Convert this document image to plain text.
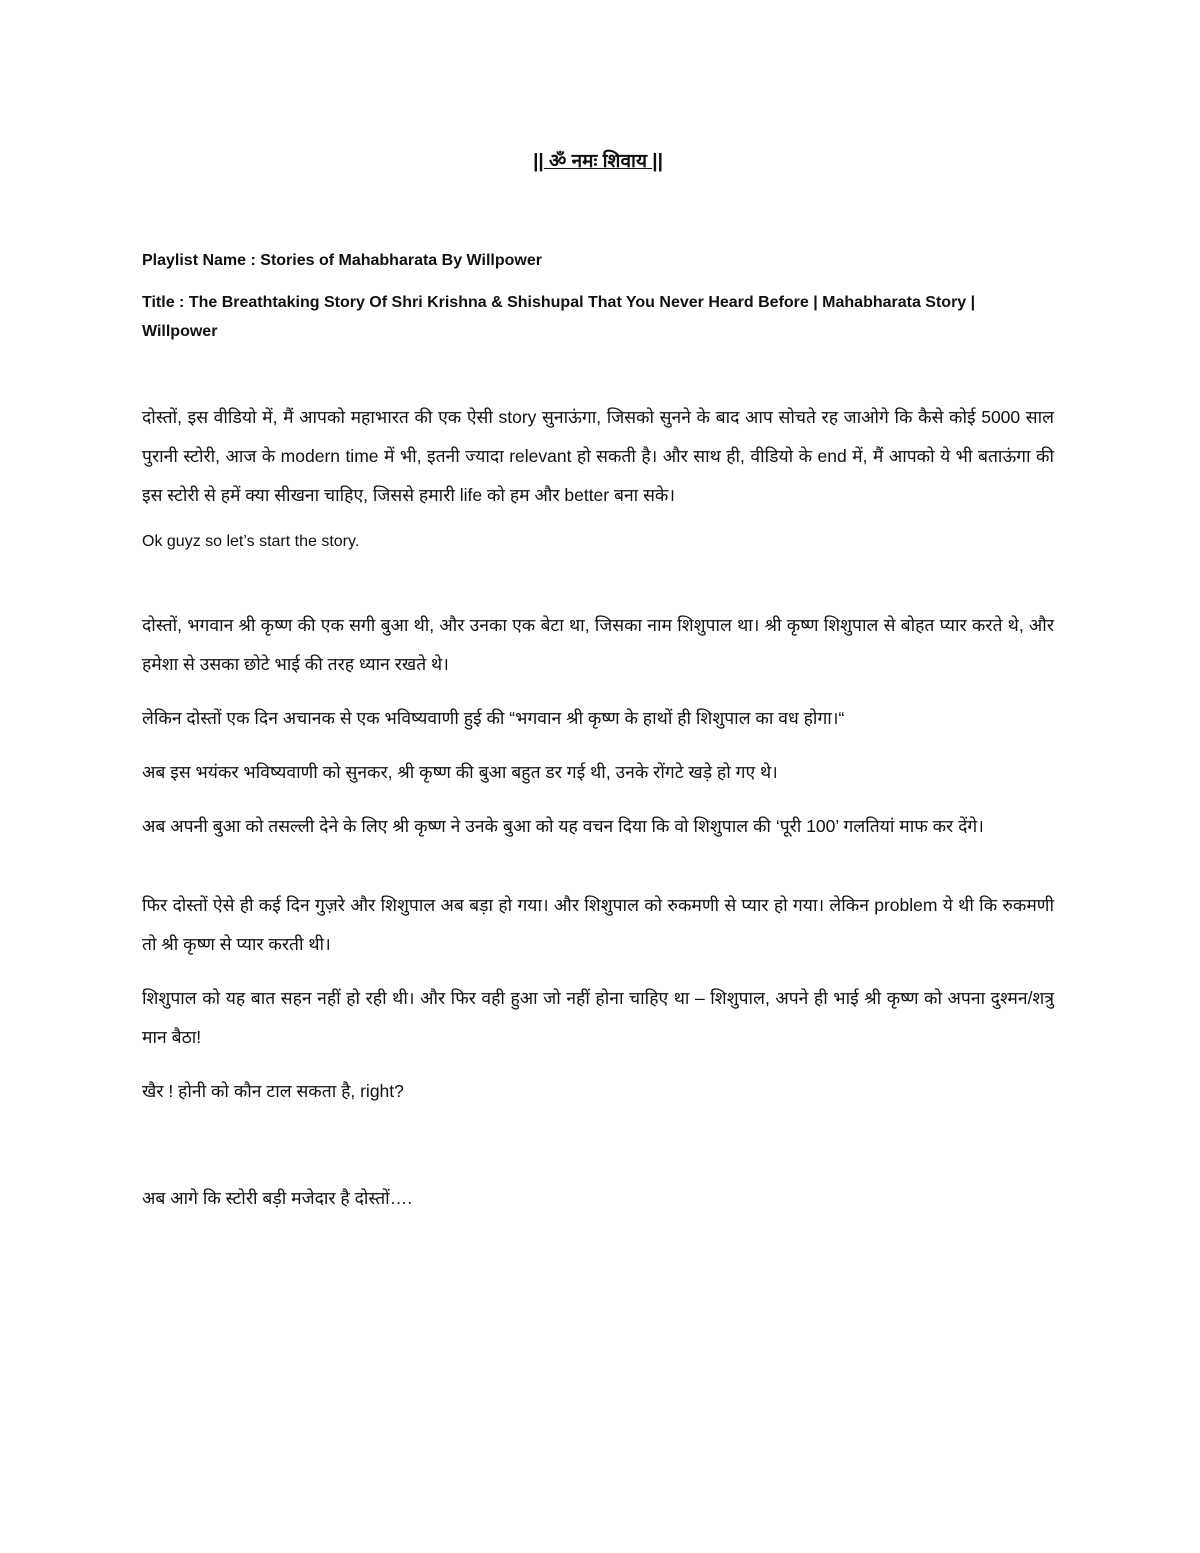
|| ॐ नमः शिवाय ||

Playlist Name : Stories of Mahabharata By Willpower

Title : The Breathtaking Story Of Shri Krishna & Shishupal That You Never Heard Before | Mahabharata Story | Willpower

दोस्तों, इस वीडियो में, मैं आपको महाभारत की एक ऐसी story सुनाऊंगा, जिसको सुनने के बाद आप सोचते रह जाओगे कि कैसे कोई 5000 साल पुरानी स्टोरी, आज के modern time में भी, इतनी ज्यादा relevant हो सकती है। और साथ ही, वीडियो के end में, मैं आपको ये भी बताऊंगा की इस स्टोरी से हमें क्या सीखना चाहिए, जिससे हमारी life को हम और better बना सके।

Ok guyz so let’s start the story.

दोस्तों, भगवान श्री कृष्ण की एक सगी बुआ थी, और उनका एक बेटा था, जिसका नाम शिशुपाल था। श्री कृष्ण शिशुपाल से बोहत प्यार करते थे, और हमेशा से उसका छोटे भाई की तरह ध्यान रखते थे।

लेकिन दोस्तों एक दिन अचानक से एक भविष्यवाणी हुई की “भगवान श्री कृष्ण के हाथों ही शिशुपाल का वध होगा।“

अब इस भयंकर भविष्यवाणी को सुनकर, श्री कृष्ण की बुआ बहुत डर गई थी, उनके रोंगटे खड़े हो गए थे।

अब अपनी बुआ को तसल्ली देने के लिए श्री कृष्ण ने उनके बुआ को यह वचन दिया कि वो शिशुपाल की ‘पूरी 100’ गलतियां माफ कर देंगे।

फिर दोस्तों ऐसे ही कई दिन गुज़रे और शिशुपाल अब बड़ा हो गया। और शिशुपाल को रुकमणी से प्यार हो गया। लेकिन problem ये थी कि रुकमणी तो श्री कृष्ण से प्यार करती थी।

शिशुपाल को यह बात सहन नहीं हो रही थी। और फिर वही हुआ जो नहीं होना चाहिए था – शिशुपाल, अपने ही भाई श्री कृष्ण को अपना दुश्मन/शत्रु मान बैठा!

खैर ! होनी को कौन टाल सकता है, right?

अब आगे कि स्टोरी बड़ी मजेदार है दोस्तों….
